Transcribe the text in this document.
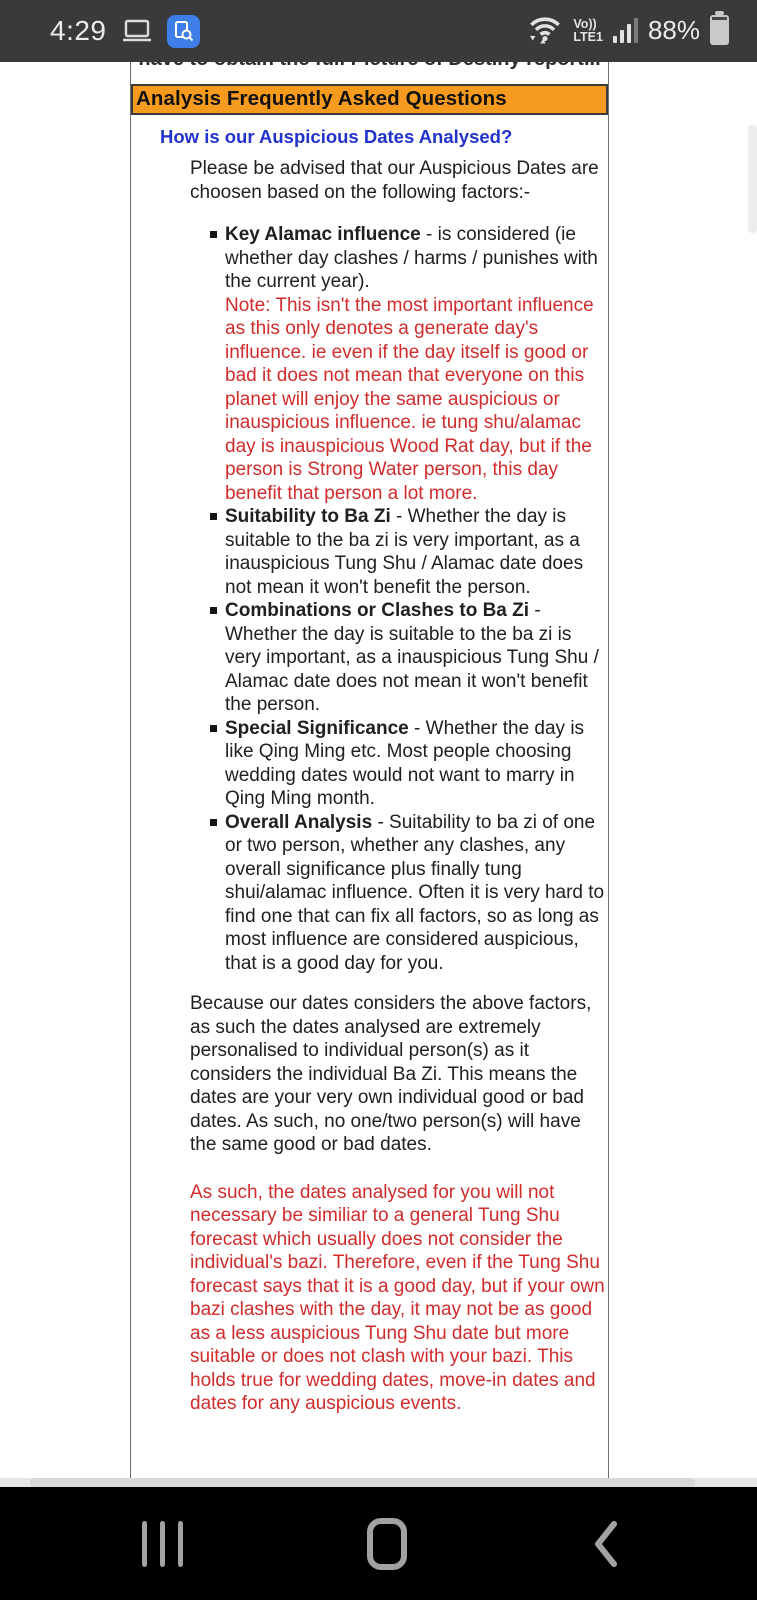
4:29	Vo))
LTE1 88%
Analysis Frequently Asked Questions
How is our Auspicious Dates Analysed?

Please be advised that our Auspicious Dates are choosen based on the following factors:-

Key Alamac influence - is considered (ie whether day clashes / harms / punishes with the current year).
Note: This isn't the most important influence as this only denotes a generate day's influence. ie even if the day itself is good or bad it does not mean that everyone on this planet will enjoy the same auspicious or inauspicious influence. ie tung shu/alamac day is inauspicious Wood Rat day, but if the person is Strong Water person, this day benefit that person a lot more.
Suitability to Ba Zi - Whether the day is suitable to the ba zi is very important, as a inauspicious Tung Shu / Alamac date does not mean it won't benefit the person.
Combinations or Clashes to Ba Zi - Whether the day is suitable to the ba zi is very important, as a inauspicious Tung Shu / Alamac date does not mean it won't benefit the person.
Special Significance - Whether the day is like Qing Ming etc. Most people choosing wedding dates would not want to marry in Qing Ming month.
Overall Analysis - Suitability to ba zi of one or two person, whether any clashes, any overall significance plus finally tung shui/alamac influence. Often it is very hard to find one that can fix all factors, so as long as most influence are considered auspicious, that is a good day for you.

Because our dates considers the above factors, as such the dates analysed are extremely personalised to individual person(s) as it considers the individual Ba Zi. This means the dates are your very own individual good or bad dates. As such, no one/two person(s) will have the same good or bad dates.

As such, the dates analysed for you will not necessary be similiar to a general Tung Shu forecast which usually does not consider the individual's bazi. Therefore, even if the Tung Shu forecast says that it is a good day, but if your own bazi clashes with the day, it may not be as good as a less auspicious Tung Shu date but more suitable or does not clash with your bazi. This holds true for wedding dates, move-in dates and dates for any auspicious events.
